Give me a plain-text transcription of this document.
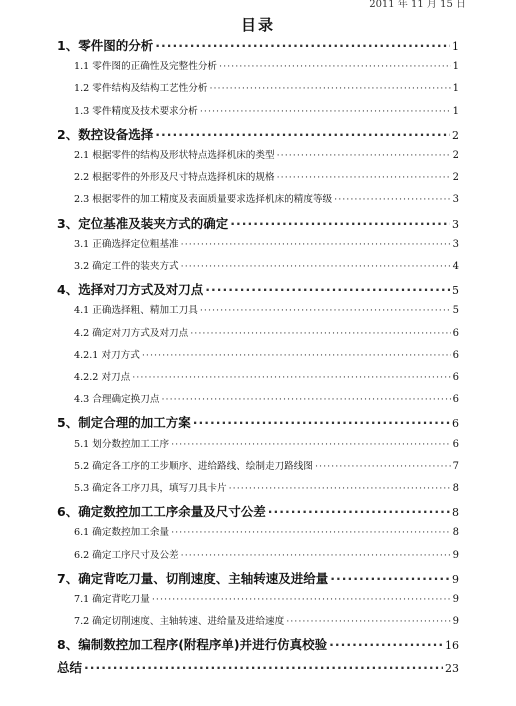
2011 年 11 月 15 日
目录
1、零件图的分析 ·····	1
1.1 零件图的正确性及完整性分析 ·····	1
1.2 零件结构及结构工艺性分析 ·····	1
1.3 零件精度及技术要求分析 ·····	1
2、数控设备选择 ·····	2
2.1 根据零件的结构及形状特点选择机床的类型 ·····	2
2.2 根据零件的外形及尺寸特点选择机床的规格 ·····	2
2.3 根据零件的加工精度及表面质量要求选择机床的精度等级 ·····	3
3、定位基准及装夹方式的确定 ·····	3
3.1 正确选择定位粗基准 ·····	3
3.2 确定工件的装夹方式 ·····	4
4、选择对刀方式及对刀点 ·····	5
4.1 正确选择粗、精加工刀具 ·····	5
4.2 确定对刀方式及对刀点 ·····	6
4.2.1 对刀方式 ·····	6
4.2.2 对刀点 ·····	6
4.3 合理确定换刀点 ·····	6
5、制定合理的加工方案 ·····	6
5.1 划分数控加工工序 ·····	6
5.2 确定各工序的工步顺序、进给路线、绘制走刀路线图 ·····	7
5.3 确定各工序刀具，填写刀具卡片 ·····	8
6、确定数控加工工序余量及尺寸公差 ·····	8
6.1 确定数控加工余量 ·····	8
6.2 确定工序尺寸及公差 ·····	9
7、确定背吃刀量、切削速度、主轴转速及进给量 ·····	9
7.1 确定背吃刀量 ·····	9
7.2 确定切削速度、主轴转速、进给量及进给速度 ·····	9
8、编制数控加工程序(附程序单)并进行仿真校验 ·····	16
总结 ·····	23
